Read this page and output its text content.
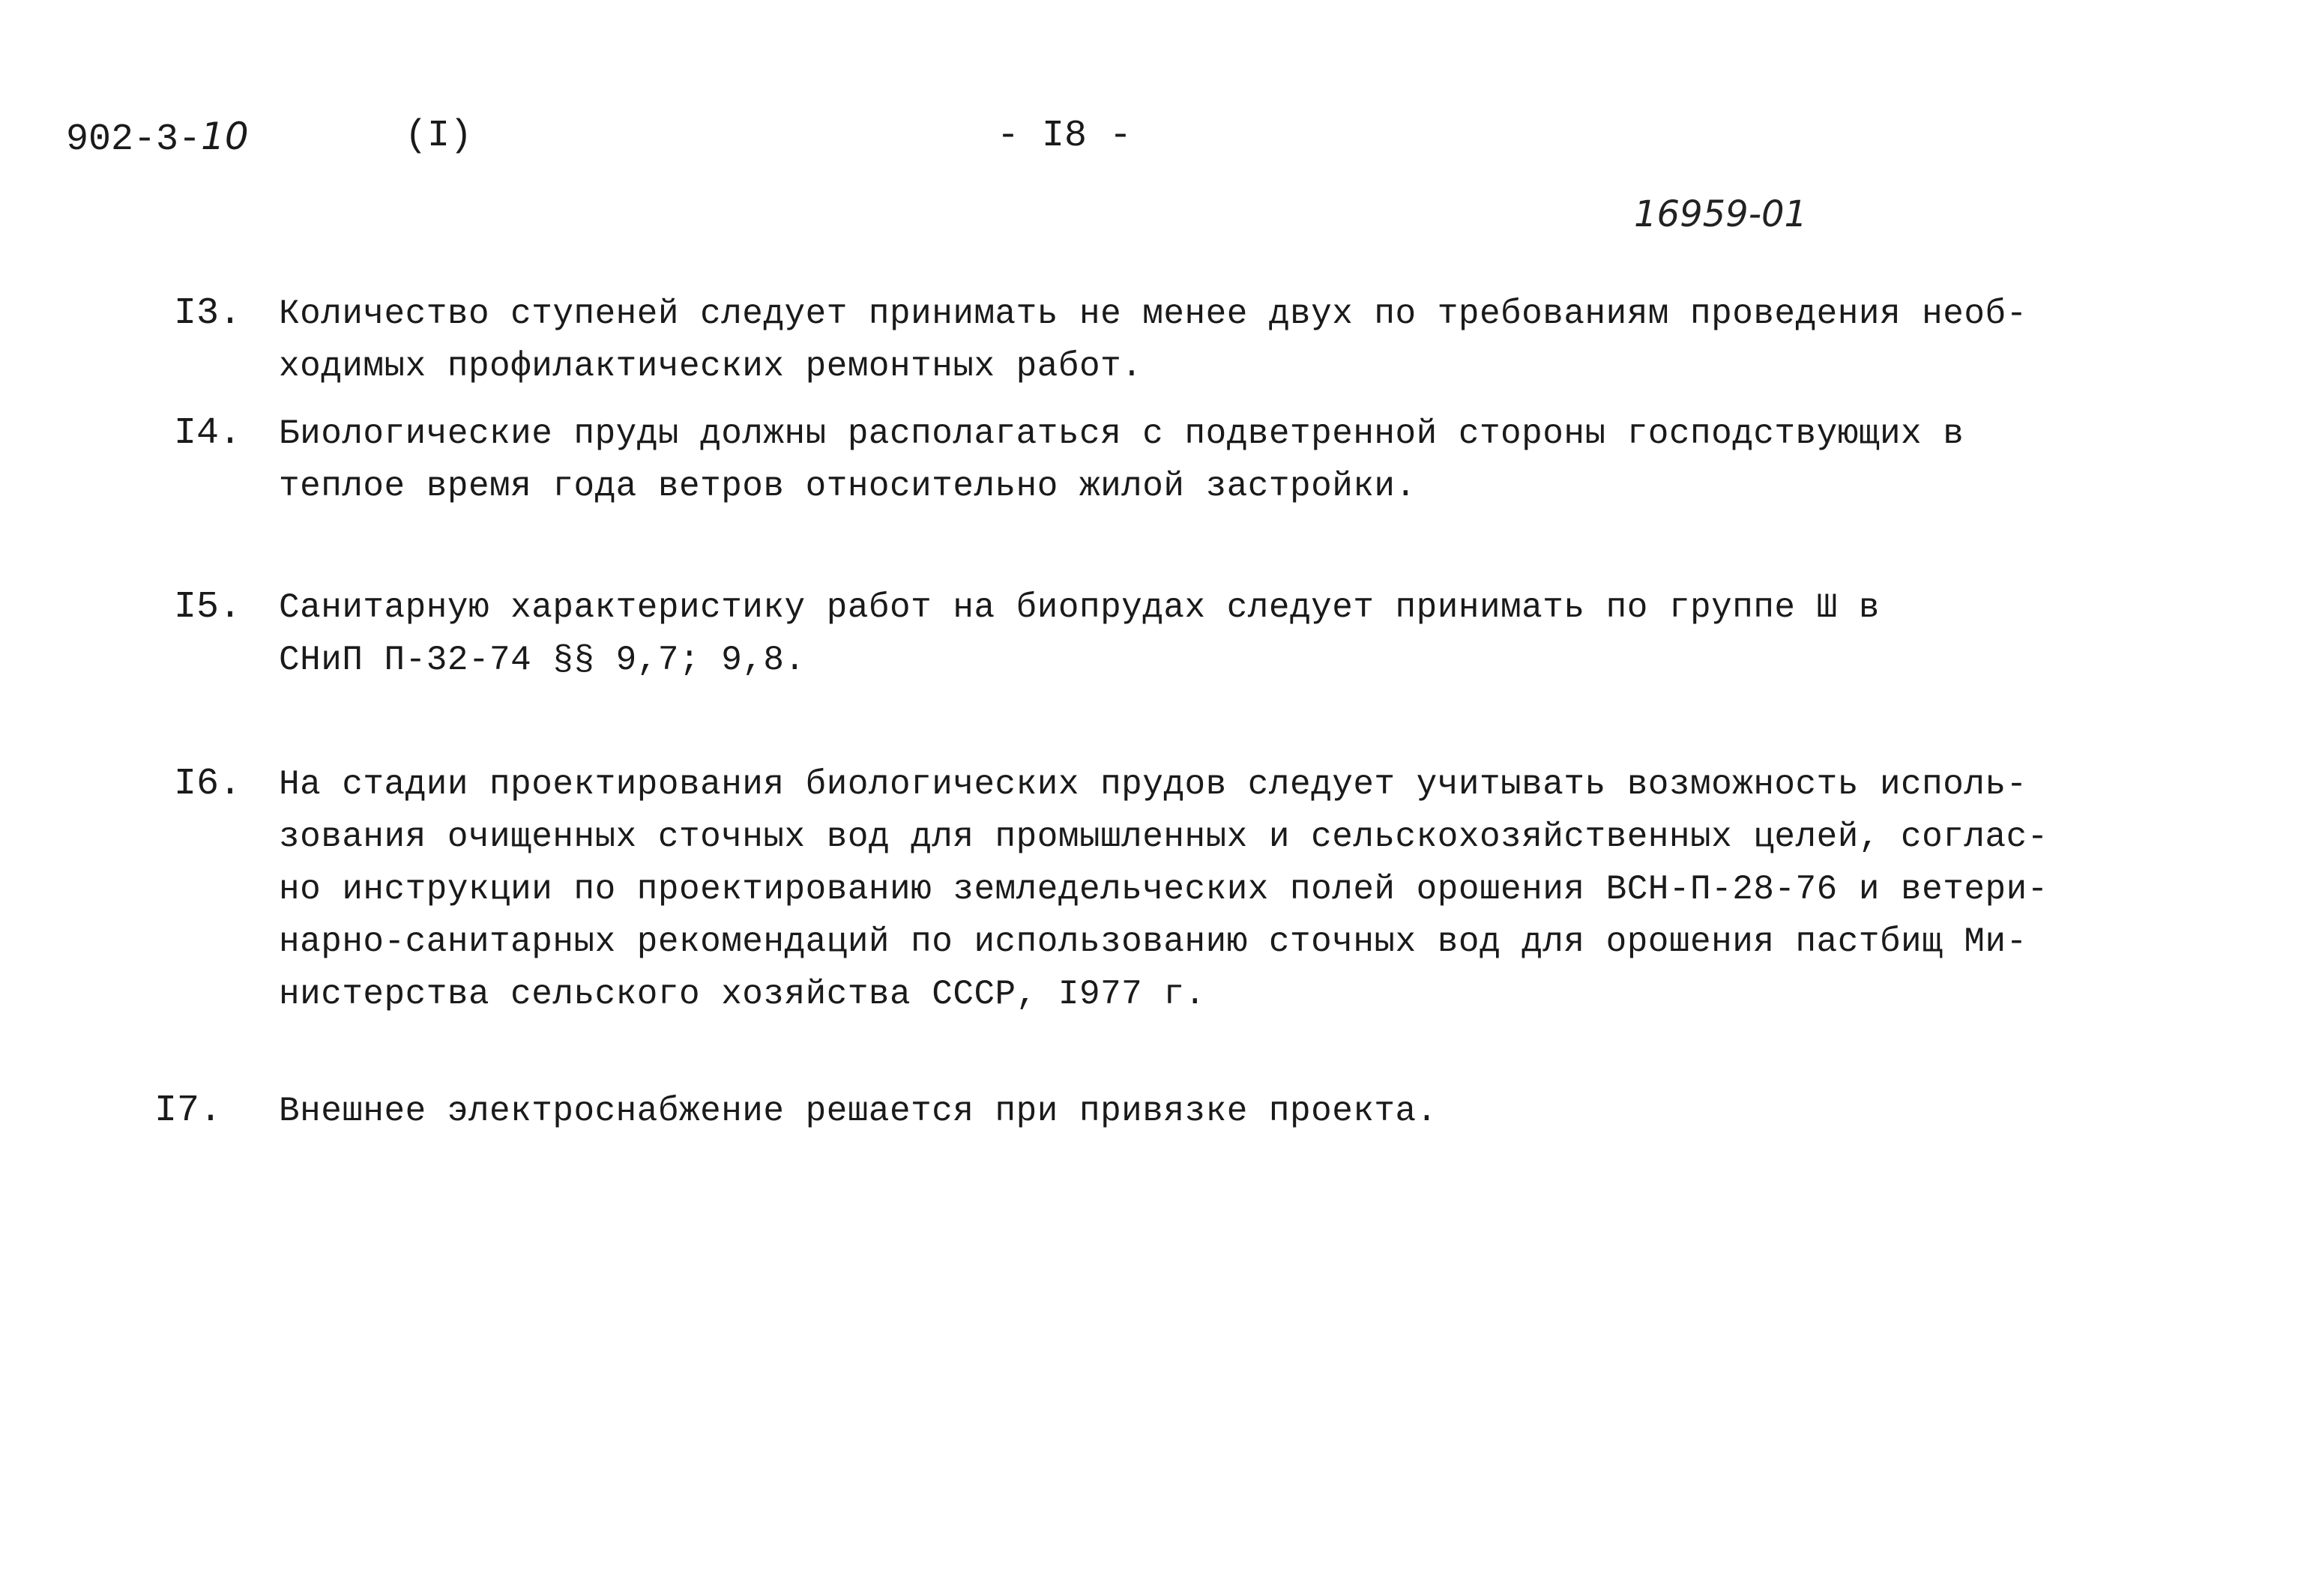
902-3-10	(I)	- I8 -
16959-01
I3. Количество ступеней следует принимать не менее двух по требованиям проведения необ-
ходимых профилактических ремонтных работ.

I4. Биологические пруды должны располагаться с подветренной стороны господствующих в
теплое время года ветров относительно жилой застройки.

I5. Санитарную характеристику работ на биопрудах следует принимать по группе Ш в
СНиП П-32-74 §§ 9,7; 9,8.

I6. На стадии проектирования биологических прудов следует учитывать возможность исполь-
зования очищенных сточных вод для промышленных и сельскохозяйственных целей, соглас-
но инструкции по проектированию земледельческих полей орошения ВСН-П-28-76 и ветери-
нарно-санитарных рекомендаций по использованию сточных вод для орошения пастбищ Ми-
нистерства сельского хозяйства СССР, I977 г.

I7. Внешнее электроснабжение решается при привязке проекта.
